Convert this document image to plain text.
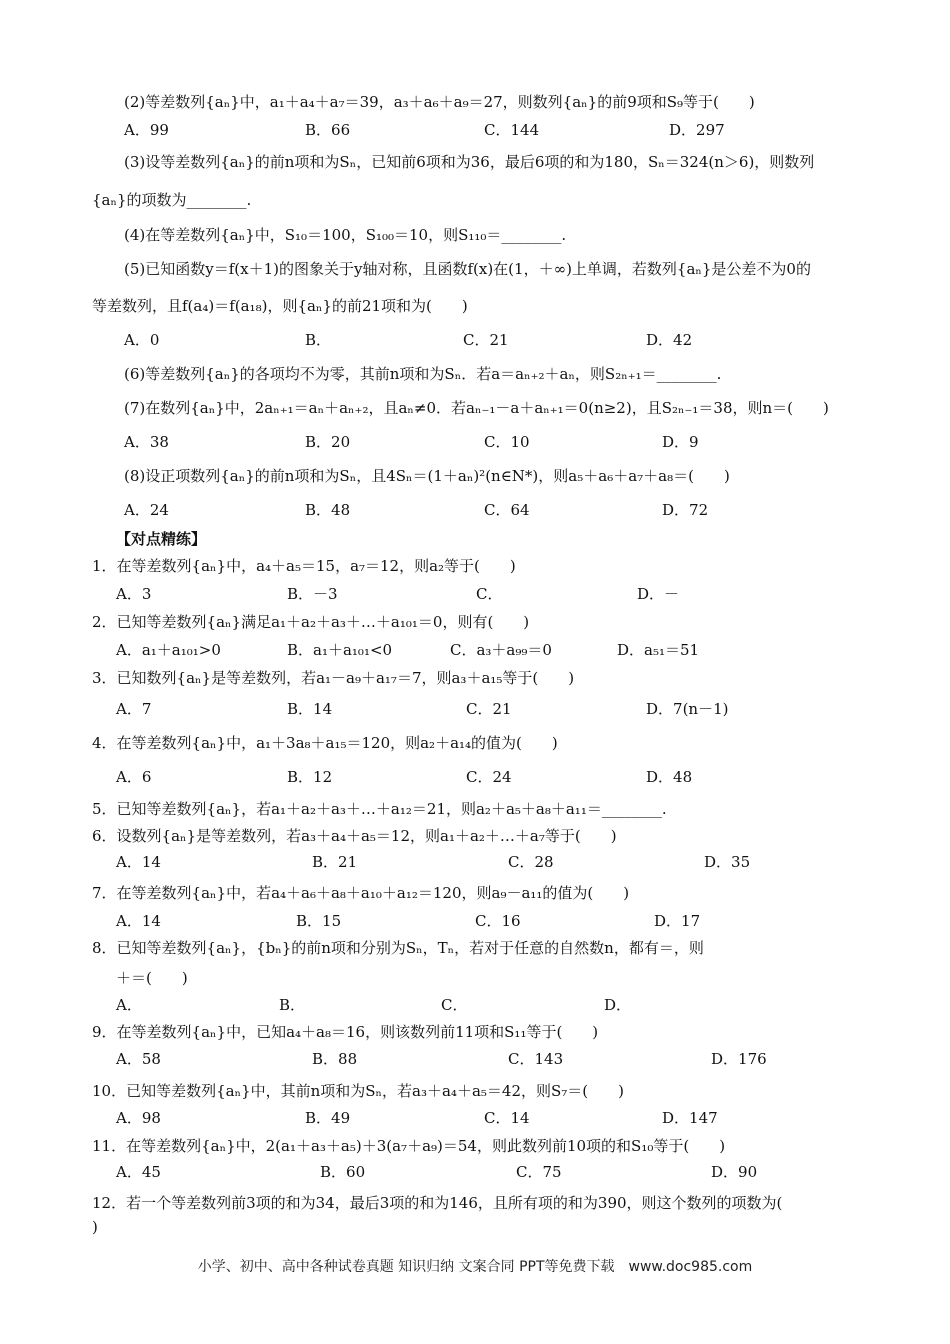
(2)等差数列{aₙ}中，a₁＋a₄＋a₇＝39，a₃＋a₆＋a₉＝27，则数列{aₙ}的前9项和S₉等于(　　)
(3)设等差数列{aₙ}的前n项和为Sₙ，已知前6项和为36，最后6项的和为180，Sₙ＝324(n＞6)，则数列
{aₙ}的项数为________.
(4)在等差数列{aₙ}中，S₁₀＝100，S₁₀₀＝10，则S₁₁₀＝________.
(5)已知函数y＝f(x＋1)的图象关于y轴对称，且函数f(x)在(1，＋∞)上单调，若数列{aₙ}是公差不为0的
等差数列，且f(a₄)＝f(a₁₈)，则{aₙ}的前21项和为(　　)
(6)等差数列{aₙ}的各项均不为零，其前n项和为Sₙ．若a＝aₙ₊₂＋aₙ，则S₂ₙ₊₁＝________.
(7)在数列{aₙ}中，2aₙ₊₁＝aₙ＋aₙ₊₂，且aₙ≠0．若aₙ₋₁－a＋aₙ₊₁＝0(n≥2)，且S₂ₙ₋₁＝38，则n＝(　　)
(8)设正项数列{aₙ}的前n项和为Sₙ，且4Sₙ＝(1＋aₙ)²(n∈N*)，则a₅＋a₆＋a₇＋a₈＝(　　)
【对点精练】
1．在等差数列{aₙ}中，a₄＋a₅＝15，a₇＝12，则a₂等于(　　)
2．已知等差数列{aₙ}满足a₁＋a₂＋a₃＋…＋a₁₀₁＝0，则有(　　)
3．已知数列{aₙ}是等差数列，若a₁－a₉＋a₁₇＝7，则a₃＋a₁₅等于(　　)
4．在等差数列{aₙ}中，a₁＋3a₈＋a₁₅＝120，则a₂＋a₁₄的值为(　　)
5．已知等差数列{aₙ}，若a₁＋a₂＋a₃＋…＋a₁₂＝21，则a₂＋a₅＋a₈＋a₁₁＝________.
6．设数列{aₙ}是等差数列，若a₃＋a₄＋a₅＝12，则a₁＋a₂＋…＋a₇等于(　　)
7．在等差数列{aₙ}中，若a₄＋a₆＋a₈＋a₁₀＋a₁₂＝120，则a₉－a₁₁的值为(　　)
8．已知等差数列{aₙ}，{bₙ}的前n项和分别为Sₙ，Tₙ，若对于任意的自然数n，都有＝，则
＋＝(　　)
9．在等差数列{aₙ}中，已知a₄＋a₈＝16，则该数列前11项和S₁₁等于(　　)
10．已知等差数列{aₙ}中，其前n项和为Sₙ，若a₃＋a₄＋a₅＝42，则S₇＝(　　)
11．在等差数列{aₙ}中，2(a₁＋a₃＋a₅)＋3(a₇＋a₉)＝54，则此数列前10项的和S₁₀等于(　　)
12．若一个等差数列前3项的和为34，最后3项的和为146，且所有项的和为390，则这个数列的项数为(
)
A．99	B．66	C．144	D．297
A．0	B．	C．21	D．42
A．38	B．20	C．10	D．9
A．24	B．48	C．64	D．72
A．3	B．－3	C．	D．－
A．a₁＋a₁₀₁>0	B．a₁＋a₁₀₁<0	C．a₃＋a₉₉＝0	D．a₅₁＝51
A．7	B．14	C．21	D．7(n－1)
A．6	B．12	C．24	D．48
A．14	B．21	C．28	D．35
A．14	B．15	C．16	D．17
A．	B．	C．	D．
A．58	B．88	C．143	D．176
A．98	B．49	C．14	D．147
A．45	B．60	C．75	D．90
小学、初中、高中各种试卷真题 知识归纳 文案合同 PPT等免费下载　www.doc985.com
